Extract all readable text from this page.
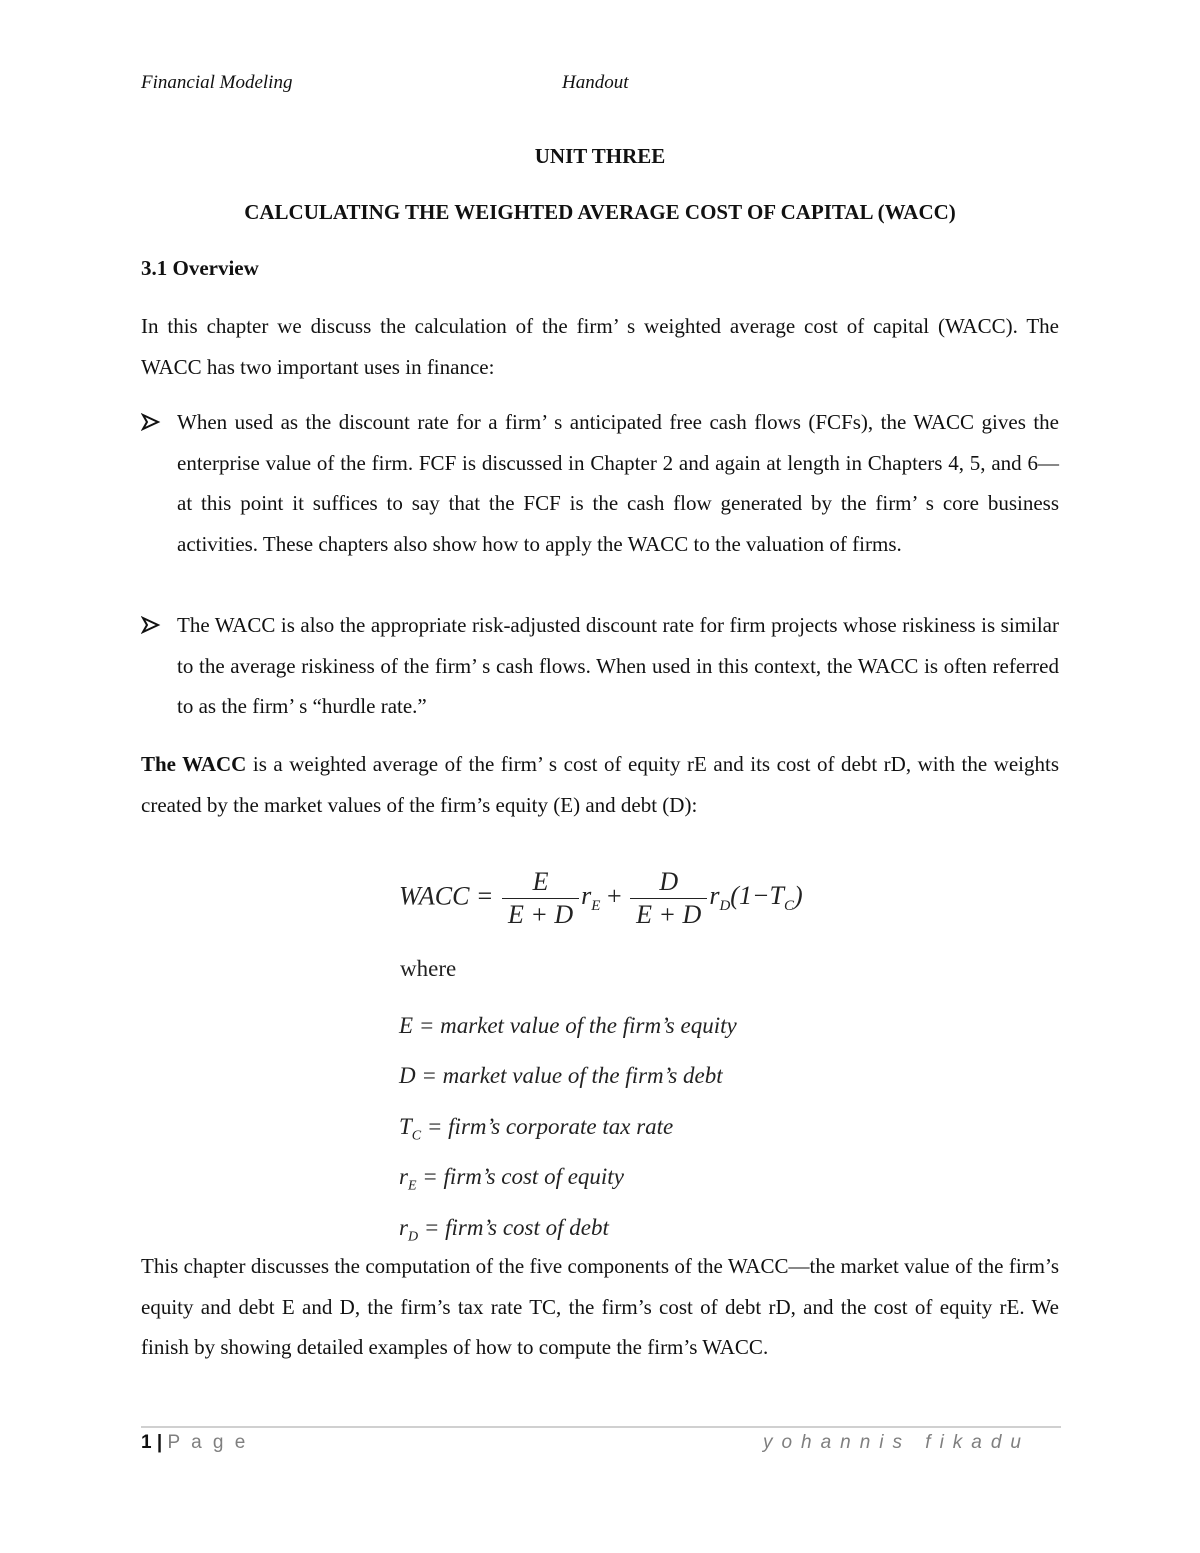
Financial Modeling	Handout
UNIT THREE
CALCULATING THE WEIGHTED AVERAGE COST OF CAPITAL (WACC)
3.1 Overview
In this chapter we discuss the calculation of the firm’ s weighted average cost of capital (WACC). The WACC has two important uses in finance:
When used as the discount rate for a firm’ s anticipated free cash flows (FCFs), the WACC gives the enterprise value of the firm. FCF is discussed in Chapter 2 and again at length in Chapters 4, 5, and 6—at this point it suffices to say that the FCF is the cash flow generated by the firm’ s core business activities. These chapters also show how to apply the WACC to the valuation of firms.
The WACC is also the appropriate risk-adjusted discount rate for firm projects whose riskiness is similar to the average riskiness of the firm’ s cash flows. When used in this context, the WACC is often referred to as the firm’ s “hurdle rate.”
The WACC is a weighted average of the firm’ s cost of equity rE and its cost of debt rD, with the weights created by the market values of the firm’s equity (E) and debt (D):
WACC = $\frac{E}{E + D} r_E + \frac{D}{E + D} r_D(1-T_C)$
where
E = market value of the firm’s equity
D = market value of the firm’s debt
$T_C$ = firm’s corporate tax rate
$r_E$ = firm’s cost of equity
$r_D$ = firm’s cost of debt
This chapter discusses the computation of the five components of the WACC—the market value of the firm’s equity and debt E and D, the firm’s tax rate TC, the firm’s cost of debt rD, and the cost of equity rE. We finish by showing detailed examples of how to compute the firm’s WACC.
1 | P a g e	yohannis fikadu
